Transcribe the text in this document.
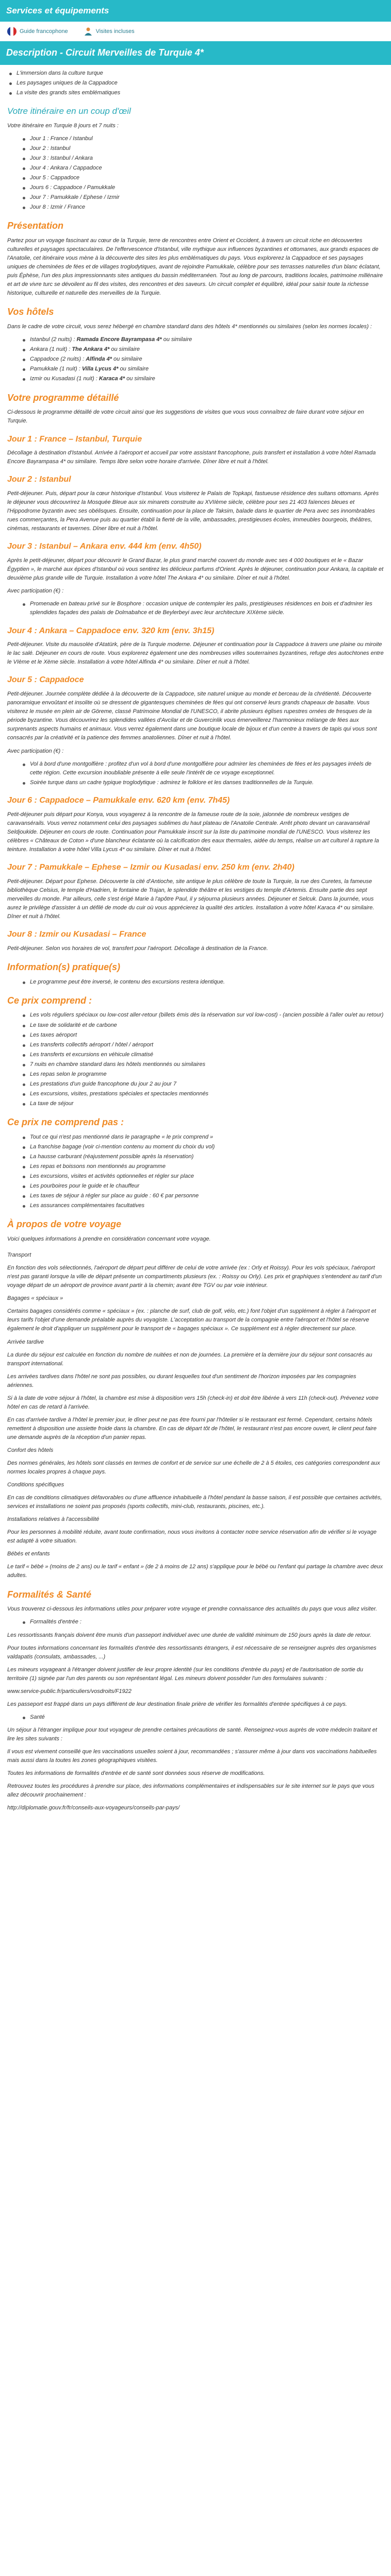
Services et équipements
Guide francophone	Visites incluses
Description - Circuit Merveilles de Turquie 4*
L'immersion dans la culture turque
Les paysages uniques de la Cappadoce
La visite des grands sites emblématiques
Votre itinéraire en un coup d'œil

Votre itinéraire en Turquie 8 jours et 7 nuits :

Jour 1 : France / Istanbul
Jour 2 : Istanbul
Jour 3 : Istanbul / Ankara
Jour 4 : Ankara / Cappadoce
Jour 5 : Cappadoce
Jours 6 : Cappadoce / Pamukkale
Jour 7 : Pamukkale / Ephese / Izmir
Jour 8 : Izmir / France
Présentation

Partez pour un voyage fascinant au cœur de la Turquie, terre de rencontres entre Orient et Occident, à travers un circuit riche en découvertes culturelles et paysages spectaculaires. De l'effervescence d'Istanbul, ville mythique aux influences byzantines et ottomanes, aux grands espaces de l'Anatolie, cet itinéraire vous mène à la découverte des sites les plus emblématiques du pays. Vous explorerez la Cappadoce et ses paysages uniques de cheminées de fées et de villages troglodytiques, avant de rejoindre Pamukkale, célèbre pour ses terrasses naturelles d'un blanc éclatant, puis Éphèse, l'un des plus impressionnants sites antiques du bassin méditerranéen. Tout au long de parcours, traditions locales, patrimoine millénaire et art de vivre turc se dévoilent au fil des visites, des rencontres et des saveurs. Un circuit complet et équilibré, idéal pour saisir toute la richesse historique, culturelle et naturelle des merveilles de la Turquie.

Vos hôtels

Dans le cadre de votre circuit, vous serez hébergé en chambre standard dans des hôtels 4* mentionnés ou similaires (selon les normes locales) :

Istanbul (2 nuits) : Ramada Encore Bayrampasa 4* ou similaire
Ankara (1 nuit) : The Ankara 4* ou similaire
Cappadoce (2 nuits) : Alfinda 4* ou similaire
Pamukkale (1 nuit) : Villa Lycus 4* ou similaire
Izmir ou Kusadasi (1 nuit) : Karaca 4* ou similaire
Votre programme détaillé

Ci-dessous le programme détaillé de votre circuit ainsi que les suggestions de visites que vous vous connaîtrez de faire durant votre séjour en Turquie.

Jour 1 : France – Istanbul, Turquie

Décollage à destination d'Istanbul. Arrivée à l'aéroport et accueil par votre assistant francophone, puis transfert et installation à votre hôtel Ramada Encore Bayrampasa 4* ou similaire. Temps libre selon votre horaire d'arrivée. Dîner libre et nuit à l'hôtel.

Jour 2 : Istanbul

Petit-déjeuner. Puis, départ pour la cœur historique d'Istanbul. Vous visiterez le Palais de Topkapi, fastueuse résidence des sultans ottomans. Après le déjeuner vous découvrirez la Mosquée Bleue aux six minarets construite au XVIIème siècle, célèbre pour ses 21 403 faïences bleues et l'Hippodrome byzantin avec ses obélisques. Ensuite, continuation pour la place de Taksim, balade dans le quartier de Pera avec ses innombrables rues commerçantes, la Pera Avenue puis au quartier établi la fierté de la ville, ambassades, prestigieuses écoles, immeubles bourgeois, théâtres, cinémas, restaurants et tavernes. Dîner libre et nuit à l'hôtel.

Jour 3 : Istanbul – Ankara env. 444 km (env. 4h50)

Après le petit-déjeuner, départ pour découvrir le Grand Bazar, le plus grand marché couvert du monde avec ses 4 000 boutiques et le « Bazar Égyptien », le marché aux épices d'Istanbul où vous sentirez les délicieux parfums d'Orient. Après le déjeuner, continuation pour Ankara, la capitale et deuxième plus grande ville de Turquie. Installation à votre hôtel The Ankara 4* ou similaire. Dîner et nuit à l'hôtel.

Avec participation (€) :

Promenade en bateau privé sur le Bosphore : occasion unique de contempler les palis, prestigieuses résidences en bois et d'admirer les splendides façades des palais de Dolmabahce et de Beylerbeyi avec leur architecture XIXème siècle.
Jour 4 : Ankara – Cappadoce env. 320 km (env. 3h15)

Petit-déjeuner. Visite du mausolée d'Atatürk, père de la Turquie moderne. Déjeuner et continuation pour la Cappadoce à travers une plaine ou miroite le lac salé. Déjeuner en cours de route. Vous explorerez également une des nombreuses villes souterraines byzantines, refuge des autochtones entre le VIème et le Xème siècle. Installation à votre hôtel Alfinda 4* ou similaire. Dîner et nuit à l'hôtel.

Jour 5 : Cappadoce

Petit-déjeuner. Journée complète dédiée à la découverte de la Cappadoce, site naturel unique au monde et berceau de la chrétienté. Découverte panoramique envoûtant et insolite où se dressent de gigantesques cheminées de fées qui ont conservé leurs grands chapeaux de basalte. Vous visiterez le musée en plein air de Göreme, classé Patrimoine Mondial de l'UNESCO, il abrite plusieurs églises rupestres ornées de fresques de la période byzantine. Vous découvrirez les splendides vallées d'Avcilar et de Guvercinlik vous émerveillerez l'harmonieux mélange de fées aux surprenants aspects humains et animaux. Vous verrez également dans une boutique locale de bijoux et d'un centre à travers de tapis qui vous sont consacrés par la créativité et la patience des femmes anatoliennes. Dîner et nuit à l'hôtel.

Avec participation (€) :

Vol à bord d'une montgolfière : profitez d'un vol à bord d'une montgolfière pour admirer les cheminées de fées et les paysages irréels de cette région. Cette excursion inoubliable présente à elle seule l'intérêt de ce voyage exceptionnel.
Soirée turque dans un cadre typique troglodytique : admirez le folklore et les danses traditionnelles de la Turquie.
Jour 6 : Cappadoce – Pamukkale env. 620 km (env. 7h45)

Petit-déjeuner puis départ pour Konya, vous voyagerez à la rencontre de la fameuse route de la soie, jalonnée de nombreux vestiges de caravansérails. Vous verrez notamment celui des paysages sublimes du haut plateau de l'Anatolie Centrale. Arrêt photo devant un caravansérail Seldjoukide. Déjeuner en cours de route. Continuation pour Pamukkale inscrit sur la liste du patrimoine mondial de l'UNESCO. Vous visiterez les célèbres « Châteaux de Coton » d'une blancheur éclatante où la calcification des eaux thermales, aidée du temps, réalise un art culturel à rapture la teinture. Installation à votre hôtel Villa Lycus 4* ou similaire. Dîner et nuit à l'hôtel.

Jour 7 : Pamukkale – Ephese – Izmir ou Kusadasi env. 250 km (env. 2h40)

Petit-déjeuner. Départ pour Ephese. Découverte la cité d'Antioche, site antique le plus célèbre de toute la Turquie, la rue des Curetes, la fameuse bibliothèque Celsius, le temple d'Hadrien, le fontaine de Trajan, le splendide théâtre et les vestiges du temple d'Artemis. Ensuite partie des sept merveilles du monde. Par ailleurs, celle s'est érigé Marie à l'apôtre Paul, il y séjourna plusieurs années. Déjeuner et Selcuk. Dans la journée, vous aurez le privilège d'assister à un défilé de mode du cuir où vous apprécierez la qualité des articles. Installation à votre hôtel Karaca 4* ou similaire. Dîner et nuit à l'hôtel.

Jour 8 : Izmir ou Kusadasi – France

Petit-déjeuner. Selon vos horaires de vol, transfert pour l'aéroport. Décollage à destination de la France.

Information(s) pratique(s)
Le programme peut être inversé, le contenu des excursions restera identique.
Ce prix comprend :
Les vols réguliers spéciaux ou low-cost aller-retour (billets émis dès la réservation sur vol low-cost) - (ancien possible à l'aller ou/et au retour)
Le taxe de solidarité et de carbone
Les taxes aéroport
Les transferts collectifs aéroport / hôtel / aéroport
Les transferts et excursions en véhicule climatisé
7 nuits en chambre standard dans les hôtels mentionnés ou similaires
Les repas selon le programme
Les prestations d'un guide francophone du jour 2 au jour 7
Les excursions, visites, prestations spéciales et spectacles mentionnés
La taxe de séjour
Ce prix ne comprend pas :
Tout ce qui n'est pas mentionné dans le paragraphe « le prix comprend »
La franchise bagage (voir ci-mention contenu au moment du choix du vol)
La hausse carburant (réajustement possible après la réservation)
Les repas et boissons non mentionnés au programme
Les excursions, visites et activités optionnelles et régler sur place
Les pourboires pour le guide et le chauffeur
Les taxes de séjour à régler sur place au guide : 60 € par personne
Les assurances complémentaires facultatives
À propos de votre voyage

Voici quelques informations à prendre en considération concernant votre voyage.

Transport

En fonction des vols sélectionnés, l'aéroport de départ peut différer de celui de votre arrivée (ex : Orly et Roissy). Pour les vols spéciaux, l'aéroport n'est pas garanti lorsque la ville de départ présente un compartiments plusieurs (ex. : Roissy ou Orly). Les prix et graphiques s'entendent au tarif d'un voyage départ de un aéroport de province avant partir à la chemin; avant être TGV ou par voie intérieur.

Bagages « spéciaux »

Certains bagages considérés comme « spéciaux » (ex. : planche de surf, club de golf, vélo, etc.) font l'objet d'un supplément à régler à l'aéroport et leurs tarifs l'objet d'une demande préalable auprès du voyagiste. L'acceptation au transport de la compagnie entre l'aéroport et l'hôtel se réserve également le droit d'appliquer un supplément pour le transport de « bagages spéciaux ». Ce supplément est à régler directement sur place.

Arrivée tardive

La durée du séjour est calculée en fonction du nombre de nuitées et non de journées. La première et la dernière jour du séjour sont consacrés au transport international.

Les arrivées tardives dans l'hôtel ne sont pas possibles, ou durant lesquelles tout d'un sentiment de l'horizon imposées par les compagnies aériennes.

Si à la date de votre séjour à l'hôtel, la chambre est mise à disposition vers 15h (check-in) et doit être libérée à vers 11h (check-out). Prévenez votre hôtel en cas de retard à l'arrivée.

En cas d'arrivée tardive à l'hôtel le premier jour, le dîner peut ne pas être fourni par l'hôtelier si le restaurant est fermé. Cependant, certains hôtels remettent à disposition une assiette froide dans la chambre. En cas de départ tôt de l'hôtel, le restaurant n'est pas encore ouvert, le client peut faire une demande auprès de la réception d'un panier repas.

Confort des hôtels

Des normes générales, les hôtels sont classés en termes de confort et de service sur une échelle de 2 à 5 étoiles, ces catégories correspondent aux normes locales propres à chaque pays.

Conditions spécifiques

En cas de conditions climatiques défavorables ou d'une affluence inhabituelle à l'hôtel pendant la basse saison, il est possible que certaines activités, services et installations ne soient pas proposés (sports collectifs, mini-club, restaurants, piscines, etc.).

Installations relatives à l'accessibilité

Pour les personnes à mobilité réduite, avant toute confirmation, nous vous invitons à contacter notre service réservation afin de vérifier si le voyage est adapté à votre situation.

Bébés et enfants

Le tarif « bébé » (moins de 2 ans) ou le tarif « enfant » (de 2 à moins de 12 ans) s'applique pour le bébé ou l'enfant qui partage la chambre avec deux adultes.

Formalités & Santé

Vous trouverez ci-dessous les informations utiles pour préparer votre voyage et prendre connaissance des actualités du pays que vous allez visiter.

Formalités d'entrée :

Les ressortissants français doivent être munis d'un passeport individuel avec une durée de validité minimum de 150 jours après la date de retour.

Pour toutes informations concernant les formalités d'entrée des ressortissants étrangers, il est nécessaire de se renseigner auprès des organismes valdapatis (consulats, ambassades, ...)

Les mineurs voyageant à l'étranger doivent justifier de leur propre identité (sur les conditions d'entrée du pays) et de l'autorisation de sortie du territoire (1) signée par l'un des parents ou son représentant légal. Les mineurs doivent posséder l'un des formulaires suivants :

www.service-public.fr/particuliers/vosdroits/F1922

Les passeport est frappé dans un pays différent de leur destination finale prière de vérifier les formalités d'entrée spécifiques à ce pays.

Santé

Un séjour à l'étranger implique pour tout voyageur de prendre certaines précautions de santé. Renseignez-vous auprès de votre médecin traitant et lire les sites suivants :

Il vous est vivement conseillé que les vaccinations usuelles soient à jour, recommandées ; s'assurer même à jour dans vos vaccinations habituelles mais aussi dans la toutes les zones géographiques visitées.

Toutes les informations de formalités d'entrée et de santé sont données sous réserve de modifications.

Retrouvez toutes les procédures à prendre sur place, des informations complémentaires et indispensables sur le site internet sur le pays que vous allez découvrir prochainement :

http://diplomatie.gouv.fr/fr/conseils-aux-voyageurs/conseils-par-pays/
